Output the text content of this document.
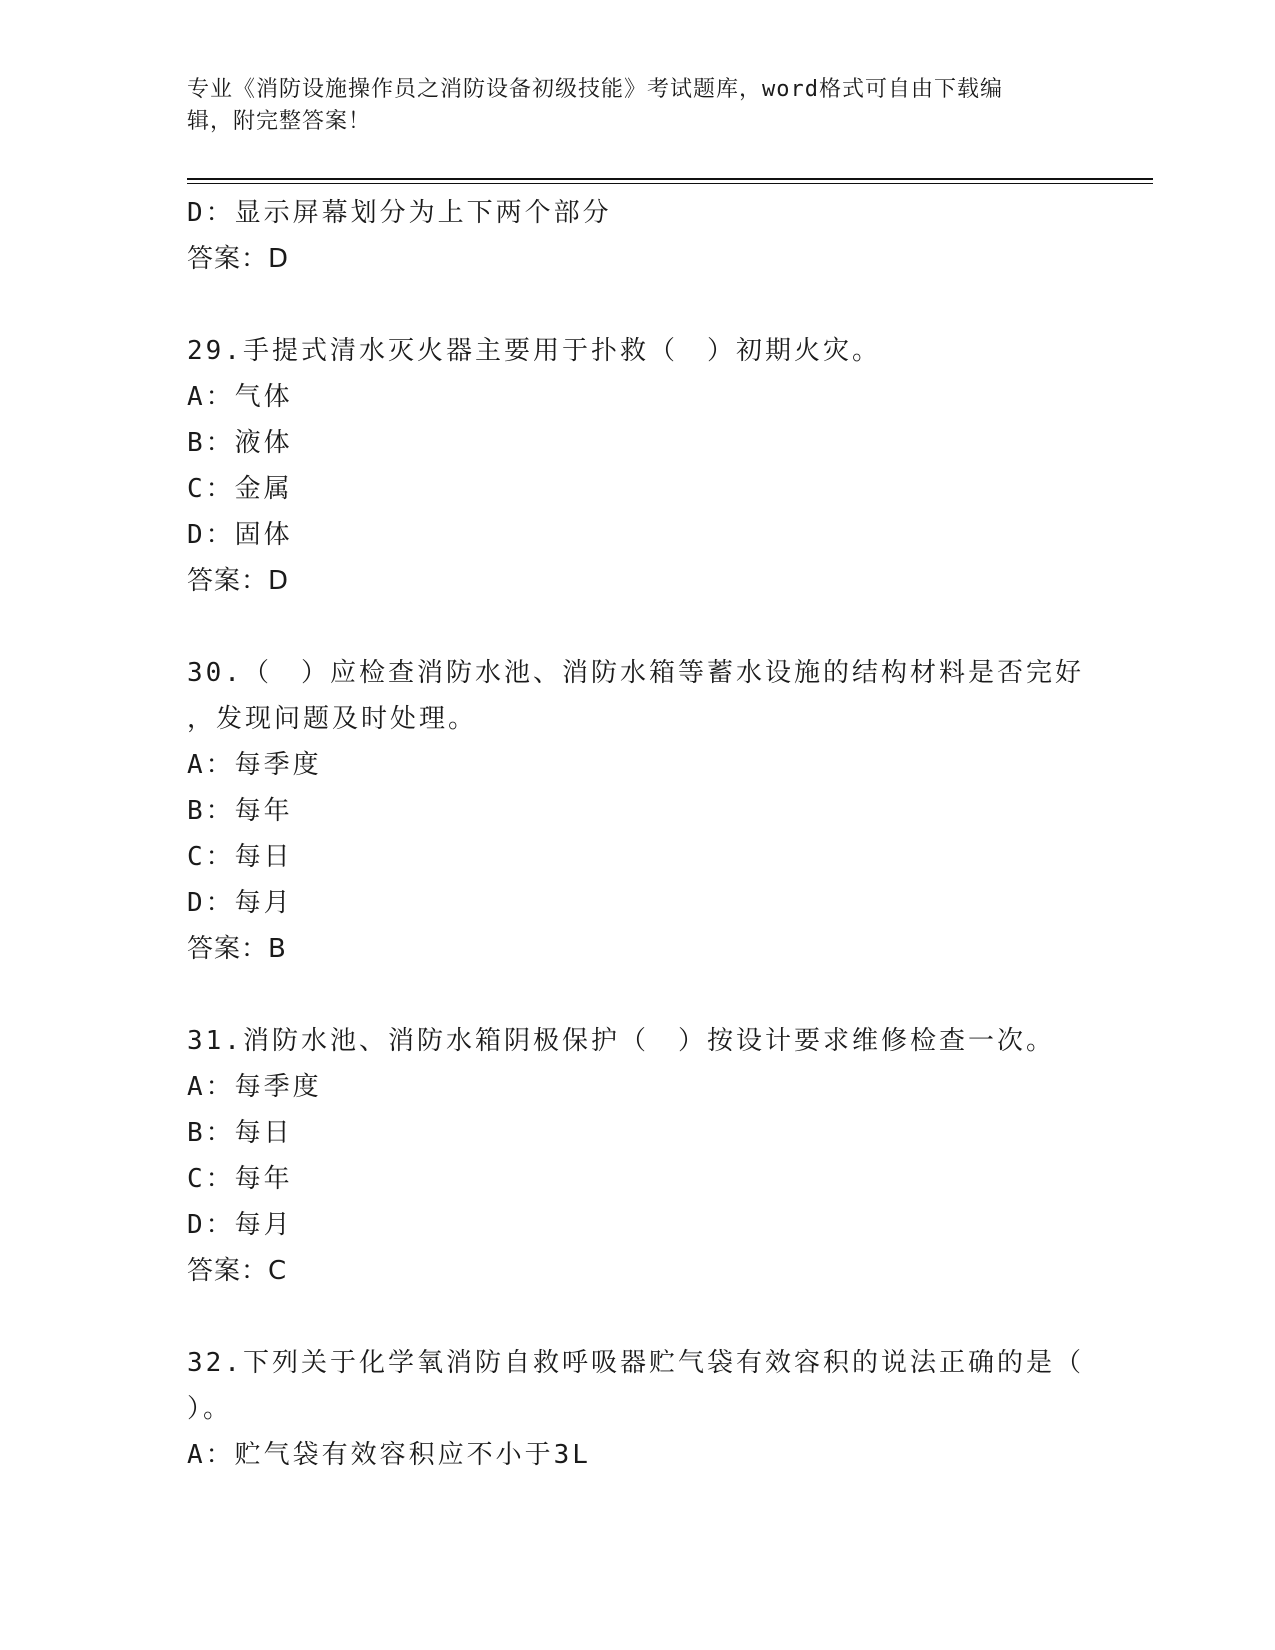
专业《消防设施操作员之消防设备初级技能》考试题库，word格式可自由下载编
辑，附完整答案！
D：显示屏幕划分为上下两个部分
答案：D
29.手提式清水灭火器主要用于扑救（　）初期火灾。
A：气体
B：液体
C：金属
D：固体
答案：D
30.（　）应检查消防水池、消防水箱等蓄水设施的结构材料是否完好
，发现问题及时处理。
A：每季度
B：每年
C：每日
D：每月
答案：B
31.消防水池、消防水箱阴极保护（　）按设计要求维修检查一次。
A：每季度
B：每日
C：每年
D：每月
答案：C
32.下列关于化学氧消防自救呼吸器贮气袋有效容积的说法正确的是（
）。
A：贮气袋有效容积应不小于3L
